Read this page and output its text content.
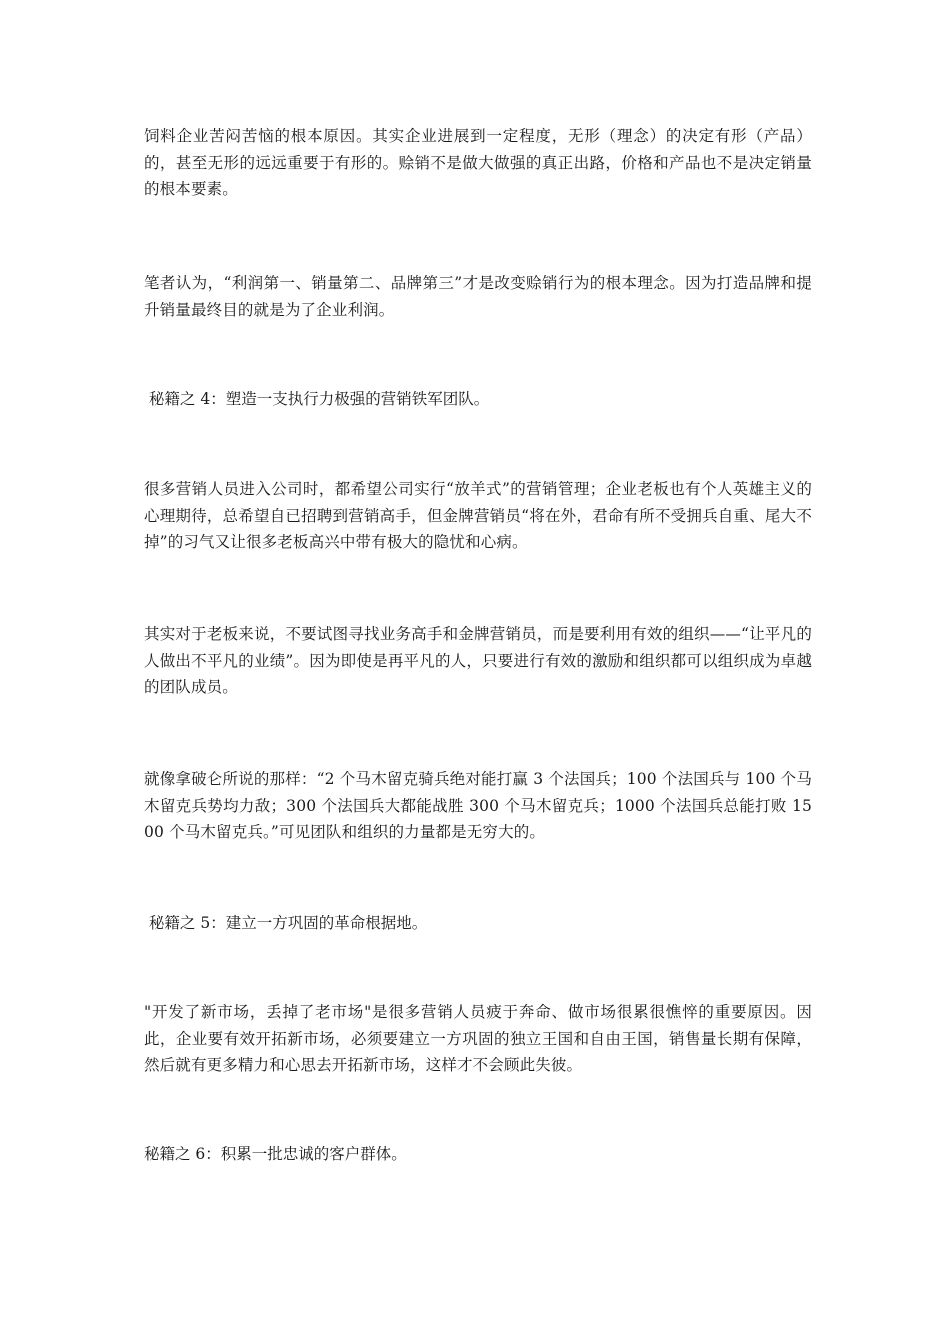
饲料企业苦闷苦恼的根本原因。其实企业进展到一定程度，无形（理念）的决定有形（产品）的，甚至无形的远远重要于有形的。赊销不是做大做强的真正出路，价格和产品也不是决定销量的根本要素。

笔者认为，“利润第一、销量第二、品牌第三”才是改变赊销行为的根本理念。因为打造品牌和提升销量最终目的就是为了企业利润。

秘籍之 4：塑造一支执行力极强的营销铁军团队。

很多营销人员进入公司时，都希望公司实行“放羊式”的营销管理；企业老板也有个人英雄主义的心理期待，总希望自已招聘到营销高手，但金牌营销员“将在外，君命有所不受拥兵自重、尾大不掉”的习气又让很多老板高兴中带有极大的隐忧和心病。

其实对于老板来说，不要试图寻找业务高手和金牌营销员，而是要利用有效的组织——“让平凡的人做出不平凡的业绩”。因为即使是再平凡的人，只要进行有效的激励和组织都可以组织成为卓越的团队成员。

就像拿破仑所说的那样：“2 个马木留克骑兵绝对能打赢 3 个法国兵；100 个法国兵与 100 个马木留克兵势均力敌；300 个法国兵大都能战胜 300 个马木留克兵；1000 个法国兵总能打败 1500 个马木留克兵。”可见团队和组织的力量都是无穷大的。

秘籍之 5：建立一方巩固的革命根据地。

"开发了新市场，丢掉了老市场"是很多营销人员疲于奔命、做市场很累很憔悴的重要原因。因此，企业要有效开拓新市场，必须要建立一方巩固的独立王国和自由王国，销售量长期有保障，然后就有更多精力和心思去开拓新市场，这样才不会顾此失彼。

秘籍之 6：积累一批忠诚的客户群体。
